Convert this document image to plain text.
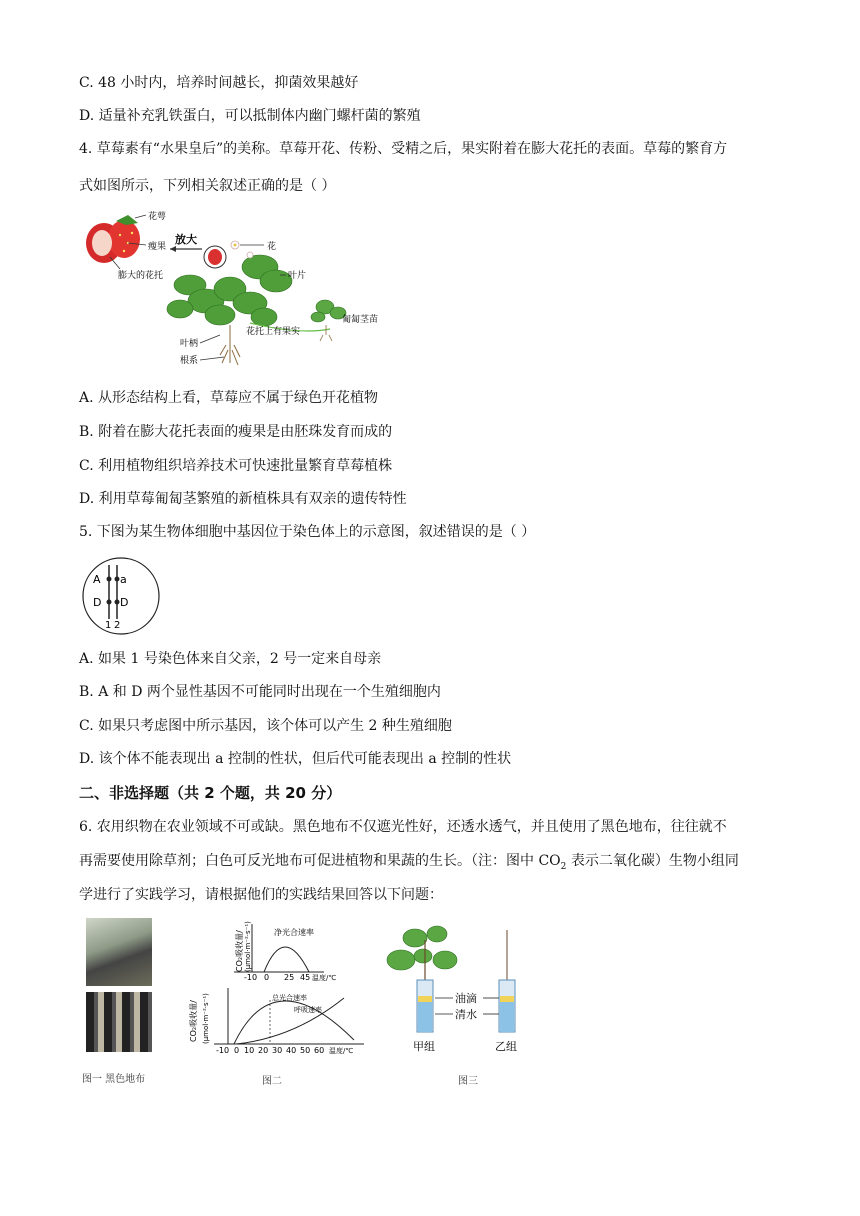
C. 48 小时内，培养时间越长，抑菌效果越好
D. 适量补充乳铁蛋白，可以抵制体内幽门螺杆菌的繁殖
4. 草莓素有“水果皇后”的美称。草莓开花、传粉、受精之后，果实附着在膨大花托的表面。草莓的繁育方
式如图所示，下列相关叙述正确的是（ ）
花萼
瘦果
膨大的花托
放大
花
叶片
匍匐茎苗
花托上有果实
叶柄
根系
A. 从形态结构上看，草莓应不属于绿色开花植物
B. 附着在膨大花托表面的瘦果是由胚珠发育而成的
C. 利用植物组织培养技术可快速批量繁育草莓植株
D. 利用草莓匍匐茎繁殖的新植株具有双亲的遗传特性
5. 下图为某生物体细胞中基因位于染色体上的示意图，叙述错误的是（ ）
A a
D D
1 2
A. 如果 1 号染色体来自父亲，2 号一定来自母亲
B. A 和 D 两个显性基因不可能同时出现在一个生殖细胞内
C. 如果只考虑图中所示基因，该个体可以产生 2 种生殖细胞
D. 该个体不能表现出 a 控制的性状，但后代可能表现出 a 控制的性状
二、非选择题（共 2 个题，共 20 分）
6. 农用织物在农业领域不可或缺。黑色地布不仅遮光性好，还透水透气，并且使用了黑色地布，往往就不
再需要使用除草剂；白色可反光地布可促进植物和果蔬的生长。（注：图中 $CO_2$ 表示二氧化碳）生物小组同
学进行了实践学习，请根据他们的实践结果回答以下问题：
图一 黑色地布
净光合速率
-10 0 25 45 温度/℃
CO₂吸收量/ (μmol·m⁻²·s⁻¹)
总光合速率
呼吸速率
-10 0 10 20 30 40 50 60 温度/℃
CO₂吸收量/ (μmol·m⁻²·s⁻¹)
图二
油滴
清水
甲组	乙组
图三
